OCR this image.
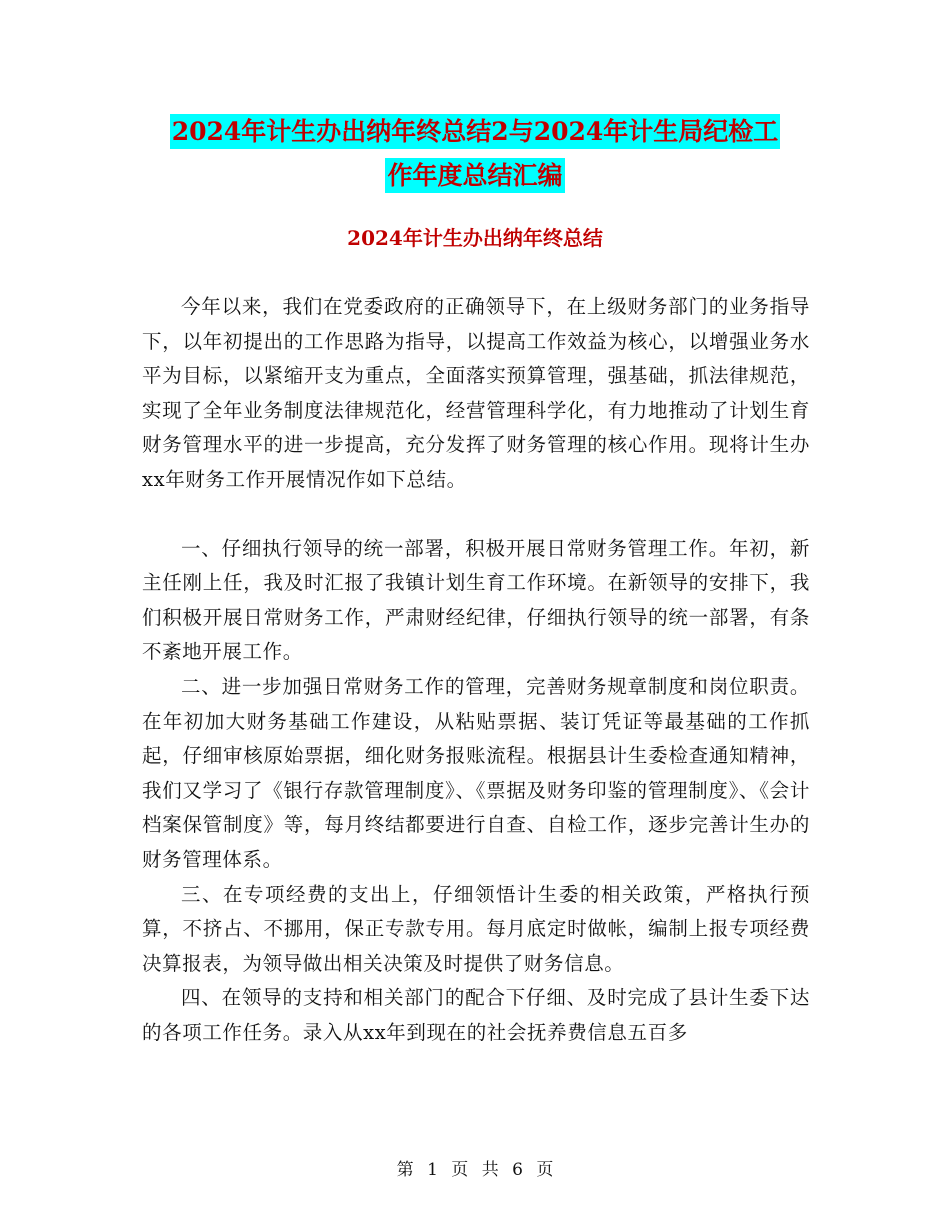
2024年计生办出纳年终总结2与2024年计生局纪检工
作年度总结汇编
2024年计生办出纳年终总结

今年以来，我们在党委政府的正确领导下，在上级财务部门的业务指导下，以年初提出的工作思路为指导，以提高工作效益为核心，以增强业务水平为目标，以紧缩开支为重点，全面落实预算管理，强基础，抓法律规范，实现了全年业务制度法律规范化，经营管理科学化，有力地推动了计划生育财务管理水平的进一步提高，充分发挥了财务管理的核心作用。现将计生办xx年财务工作开展情况作如下总结。

一、仔细执行领导的统一部署，积极开展日常财务管理工作。年初，新主任刚上任，我及时汇报了我镇计划生育工作环境。在新领导的安排下，我们积极开展日常财务工作，严肃财经纪律，仔细执行领导的统一部署，有条不紊地开展工作。

二、进一步加强日常财务工作的管理，完善财务规章制度和岗位职责。在年初加大财务基础工作建设，从粘贴票据、装订凭证等最基础的工作抓起，仔细审核原始票据，细化财务报账流程。根据县计生委检查通知精神，我们又学习了《银行存款管理制度》、《票据及财务印鉴的管理制度》、《会计档案保管制度》等，每月终结都要进行自查、自检工作，逐步完善计生办的财务管理体系。

三、在专项经费的支出上，仔细领悟计生委的相关政策，严格执行预算，不挤占、不挪用，保正专款专用。每月底定时做帐，编制上报专项经费决算报表，为领导做出相关决策及时提供了财务信息。

四、在领导的支持和相关部门的配合下仔细、及时完成了县计生委下达的各项工作任务。录入从xx年到现在的社会抚养费信息五百多

第 1 页 共 6 页
